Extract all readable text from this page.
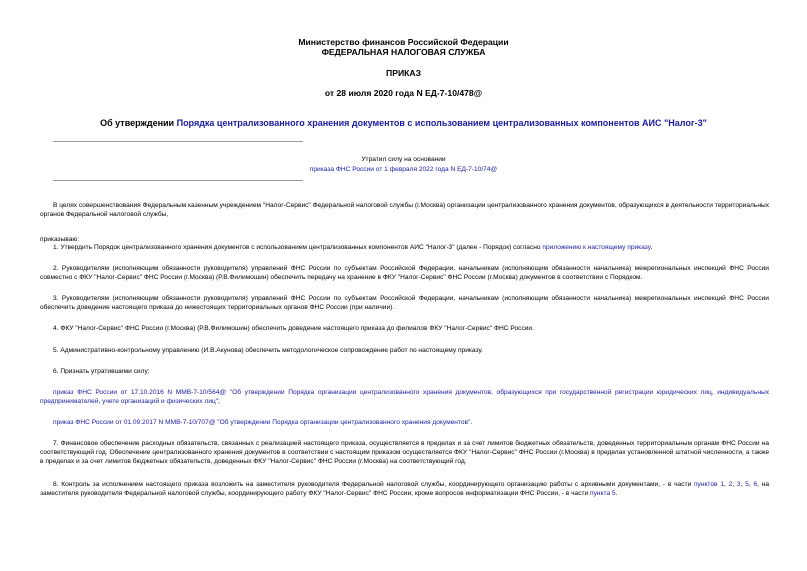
Министерство финансов Российской Федерации
ФЕДЕРАЛЬНАЯ НАЛОГОВАЯ СЛУЖБА
ПРИКАЗ
от 28 июля 2020 года N ЕД-7-10/478@
Об утверждении Порядка централизованного хранения документов с использованием централизованных компонентов АИС "Налог-3"
Утратил силу на основании
приказа ФНС России от 1 февраля 2022 года N ЕД-7-10/74@
В целях совершенствования Федеральным казенным учреждением "Налог-Сервис" Федеральной налоговой службы (г.Москва) организации централизованного хранения документов, образующихся в деятельности территориальных органов Федеральной налоговой службы,
приказываю:
1. Утвердить Порядок централизованного хранения документов с использованием централизованных компонентов АИС "Налог-3" (далее - Порядок) согласно приложению к настоящему приказу.
2. Руководителям (исполняющим обязанности руководителя) управлений ФНС России по субъектам Российской Федерации, начальникам (исполняющим обязанности начальника) межрегиональных инспекций ФНС России совместно с ФКУ "Налог-Сервис" ФНС России (г.Москва) (Р.В.Филимошин) обеспечить передачу на хранение в ФКУ "Налог-Сервис" ФНС России (г.Москва) документов в соответствии с Порядком.
3. Руководителям (исполняющим обязанности руководителя) управлений ФНС России по субъектам Российской Федерации, начальникам (исполняющим обязанности начальника) межрегиональных инспекций ФНС России обеспечить доведение настоящего приказа до нижестоящих территориальных органов ФНС России (при наличии).
4. ФКУ "Налог-Сервис" ФНС России (г.Москва) (Р.В.Филимошин) обеспечить доведение настоящего приказа до филиалов ФКУ "Налог-Сервис" ФНС России.
5. Административно-контрольному управлению (И.В.Акунова) обеспечить методологическое сопровождение работ по настоящему приказу.
6. Признать утратившими силу:
приказ ФНС России от 17.10.2016 N ММВ-7-10/564@ "Об утверждении Порядка организации централизованного хранения документов, образующихся при государственной регистрации юридических лиц, индивидуальных предпринимателей, учете организаций и физических лиц";
приказ ФНС России от 01.09.2017 N ММВ-7-10/707@ "Об утверждении Порядка организации централизованного хранения документов".
7. Финансовое обеспечение расходных обязательств, связанных с реализацией настоящего приказа, осуществляется в пределах и за счет лимитов бюджетных обязательств, доведенных территориальным органам ФНС России на соответствующий год. Обеспечение централизованного хранения документов в соответствии с настоящим приказом осуществляется ФКУ "Налог-Сервис" ФНС России (г.Москва) в пределах установленной штатной численности, а также в пределах и за счет лимитов бюджетных обязательств, доведенных ФКУ "Налог-Сервис" ФНС России (г.Москва) на соответствующий год.
8. Контроль за исполнением настоящего приказа возложить на заместителя руководителя Федеральной налоговой службы, координирующего организацию работы с архивными документами, - в части пунктов 1, 2, 3, 5, 6, на заместителя руководителя Федеральной налоговой службы, координирующего работу ФКУ "Налог-Сервис" ФНС России, кроме вопросов информатизации ФНС России, - в части пункта 5.
